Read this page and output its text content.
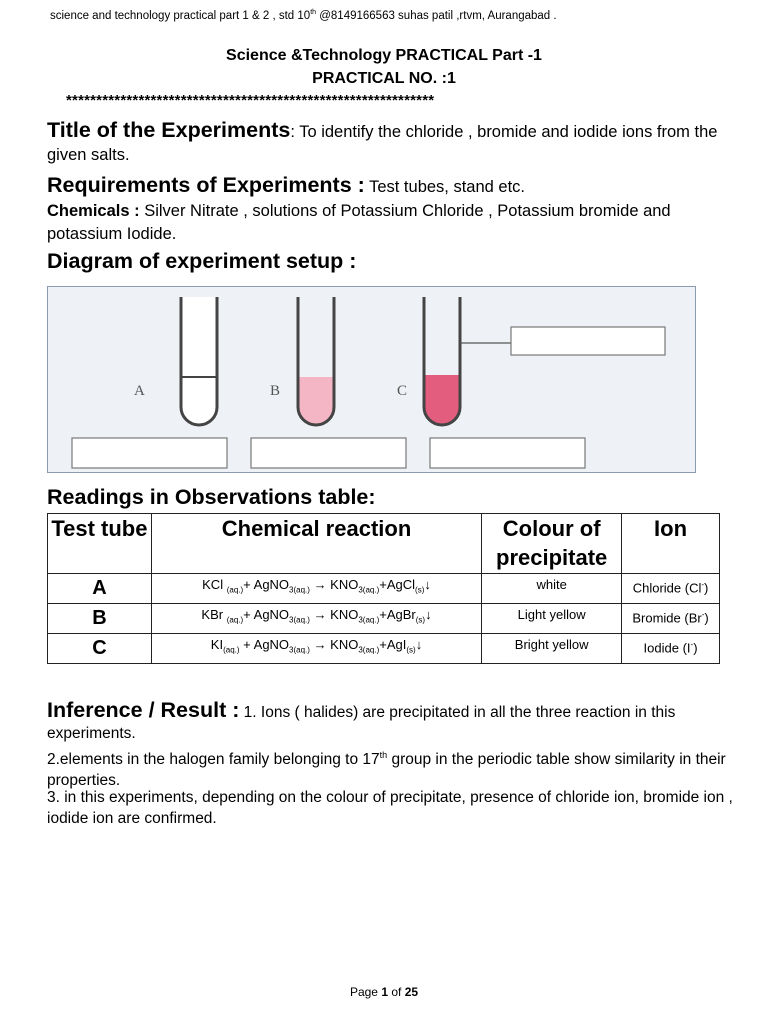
science and technology practical part 1 & 2 , std 10th @8149166563 suhas patil ,rtvm, Aurangabad .
Science &Technology PRACTICAL Part -1
PRACTICAL NO. :1
*************************************************************
Title of the Experiments: To identify the chloride , bromide and iodide ions from the given salts.
Requirements of Experiments : Test tubes, stand etc.
Chemicals : Silver Nitrate , solutions of Potassium Chloride , Potassium bromide and potassium Iodide.
Diagram of experiment setup :
A	B	C
Readings in Observations table:
Test tube	Chemical reaction	Colour of precipitate	Ion
A	KCl $_{(aq.)}$+ AgNO$_{3(aq.)}$ → $KNO_{3(aq.)}+AgCl_{(s)}↓$	white	Chloride (Cl-)
B	KBr $_{(aq.)}$+ AgNO$_{3(aq.)}$ → $KNO_{3(aq.)}+AgBr_{(s)}↓$	Light yellow	Bromide (Br-)
C	$KI_{(aq.)}$ + AgNO$_{3(aq.)}$ → $KNO_{3(aq.)}+AgI_{(s)}↓$	Bright yellow	Iodide (I-)
Inference / Result : 1. Ions ( halides) are precipitated in all the three reaction in this experiments.
2.elements in the halogen family belonging to 17th group in the periodic table show similarity in their properties.
3. in this experiments, depending on the colour of precipitate, presence of chloride ion, bromide ion , iodide ion are confirmed.
Page 1 of 25
